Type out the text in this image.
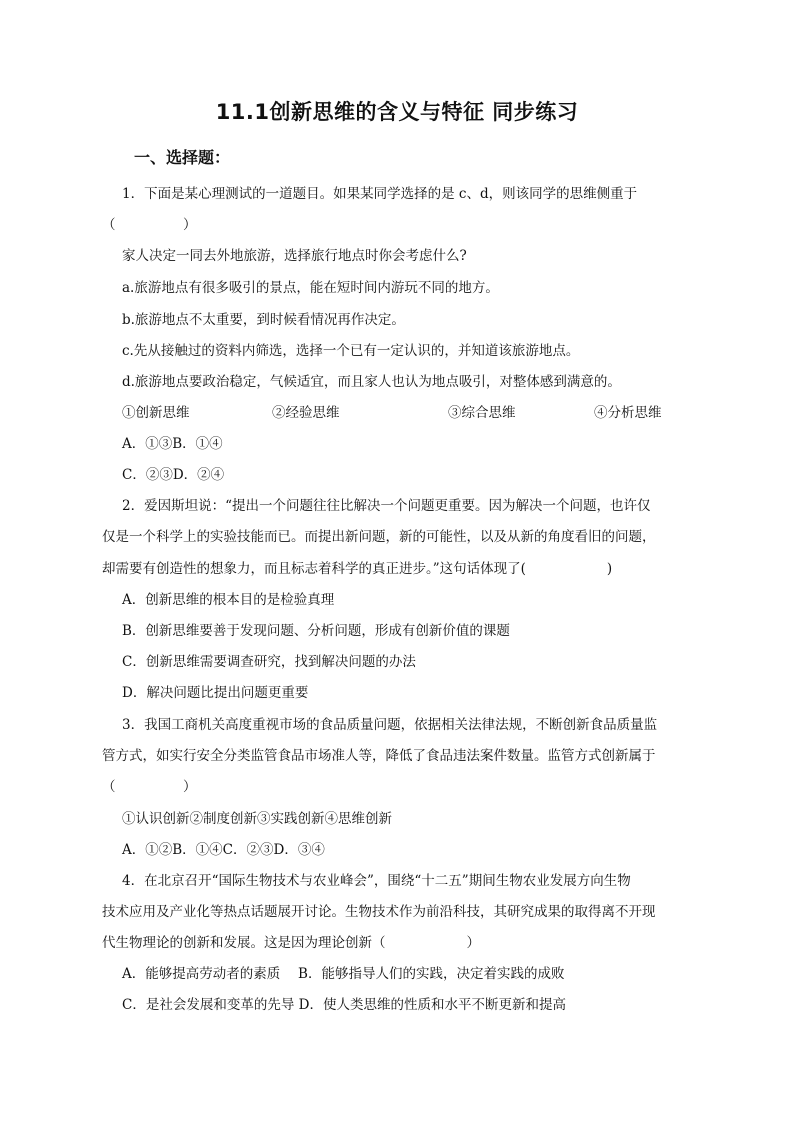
11.1创新思维的含义与特征 同步练习
一、选择题：
1．下面是某心理测试的一道题目。如果某同学选择的是 c、d，则该同学的思维侧重于
（　　　　　）
家人决定一同去外地旅游，选择旅行地点时你会考虑什么?
a.旅游地点有很多吸引的景点，能在短时间内游玩不同的地方。
b.旅游地点不太重要，到时候看情况再作决定。
c.先从接触过的资料内筛选，选择一个已有一定认识的，并知道该旅游地点。
d.旅游地点要政治稳定，气候适宜，而且家人也认为地点吸引，对整体感到满意的。
①创新思维	②经验思维	③综合思维	④分析思维
A．①③B．①④
C．②③D．②④
2．爱因斯坦说：“提出一个问题往往比解决一个问题更重要。因为解决一个问题，也许仅
仅是一个科学上的实验技能而已。而提出新问题，新的可能性，以及从新的角度看旧的问题，
却需要有创造性的想象力，而且标志着科学的真正进步。”这句话体现了(　　　　　　)
A．创新思维的根本目的是检验真理
B．创新思维要善于发现问题、分析问题，形成有创新价值的课题
C．创新思维需要调查研究，找到解决问题的办法
D．解决问题比提出问题更重要
3．我国工商机关高度重视市场的食品质量问题，依据相关法律法规，不断创新食品质量监
管方式，如实行安全分类监管食品市场准人等，降低了食品违法案件数量。监管方式创新属于
（　　　　　）
①认识创新②制度创新③实践创新④思维创新
A．①②B．①④C．②③D．③④
4．在北京召开“国际生物技术与农业峰会”，围绕“十二五”期间生物农业发展方向生物
技术应用及产业化等热点话题展开讨论。生物技术作为前沿科技，其研究成果的取得离不开现
代生物理论的创新和发展。这是因为理论创新（　　　　　　）
A．能够提高劳动者的素质　 B．能够指导人们的实践，决定着实践的成败
C．是社会发展和变革的先导 D．使人类思维的性质和水平不断更新和提高
